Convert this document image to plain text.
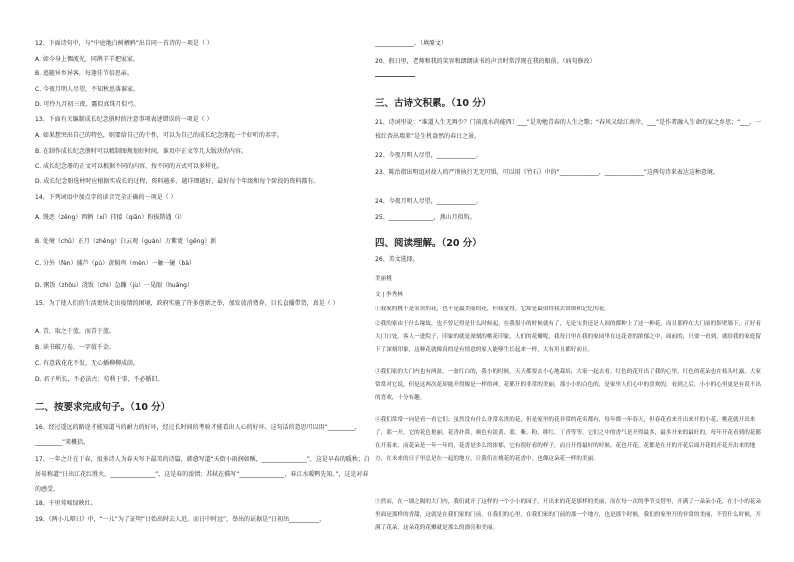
12、下面诗句中，与“中庭地白树栖鸦”出自同一首诗的一项是（ ）
A. 如今身上惆流光，同鹊羊羊把家家。
B. 追随异乡异客，每逢佳节倍思亲。
C. 今夜月明人尽望，不知秋思落谁家。
D. 可怜九月初三夜，露似真珠月似弓。
13、下面有关编制成长纪念册时的注意事项表述错误的一项是（ ）
A. 如果想突出自己的特色，则要给自己的个性，可以为自己的成长纪念册起一个好听的名字。
B. 在制作成长纪念册时可以精制图规划好时间，谁页中正文等几大版块的内容。
C. 成长纪念册的正文可以根据不同的内容，按不同的方式可以多样化。
D. 成长纪念册选材时应根据实成长的过程，资料越多、越详细越好，最好每个年级和每个阶段的资料都有。
14、下列词语中加点字的读音完全正确的一项是（ ）
A. 馒恶（zēng）西牺（xī）挂接（qiān）粉拔斯遇（ì）
B. 处境（chǔ）正月（zhēng）白云观（guàn）万紫更（gēng）新
C. 分外（fèn）捕芦（pú）黄焖鸡（mèn）一触一碰（bà）
D. 粥饭（zhōu）浇饭（chì）急蹦（jù）一晃眼（huǎng）
15、为了使人们的生活更快走出疫情的困境，政府实施了许多创新之举，加发放消费券、目长直播带货，真是（ ）
A. 青，取之于蓝，而青于蓝。
B. 读书破万卷，一字值千金。
C. 有意栽花花不发，无心插柳柳成荫。
D. 君子所长，不必法古；苟利于事，不必循旧。
二、按要求完成句子。（10 分）
16、经过遥远的路途才能知道马的耐力的好坏，经过长时间的考验才能看出人心的好坏。这句话的意思可以用“_________，_________”来概括。
17、一年之计在于春，很多诗人为春天写下最美的诗篇，韩愈写道“天街小雨润如酥，_______________”，这是早春的暖秋；白居易称道“日出江花红胜火，_______________”，这是春的浓情；苏轼在描写“_______________，春江水暖鸭先知。”，这是对春的感受。
18、千里莺啼绿映红。
19、《两小儿辩日》中，“一儿”为了证明“日始出时去人近，而日中时远”，举出的证据是“日初出__________，
_____________。（填原文）
20、假日里，老师和我的笑容和朗朗读书的声音时常浮现在我的眼前。（病句修改）
三、古诗文积累。（10 分）
21、诗词里说：“谁道人生无再少？门前流水尚能西！___”是劝勉青春的人生之歌；“春风又绿江南岸，___”是作者融入生命的家之乡思；“___，一枝红杏出墙来”是生机盎然的春日之景。
22、今夜月明人尽望，_____________。
23、陈治指出明谊对故人的严刑执行无无可惧，可以用《竹石》中的“_____________，_____________”这两句诗来表达这种意境。
24、今夜月明人尽望，_____________。
25、_______________，燕山月似钩。
四、阅读理解。（20 分）
26、美文选择。
美丽桃
文 | 李秀林
①我家的桃不是名贵的花，也不是最美丽的花，但我觉得，它却是最值得我去赞颂和记忆的花。
②我的家由于什么缘故，也不曾记得是什么时候起，在我很小的时候就有了，无论宝贵还是人间的都种上了这一种花，而且那样在大门前的影壁墙下，正好看大门口处。客人一进院子，印象的就是深刻的桃花印象，人们的花瓣呢，我每日里在我的家园里在这花香的浓郁之中，面前的，只要一看到，就给我的家庭留下了深刻印象，这种花就像真的是有情意的家人能够生长起来一样，大有用且都好而且。
③我们家的大门内也有两盆，一盆红白的，我小的时候，天天都要去小心地栽培，大家一起去看，红色的花开出了我的心里，红色的花朵也在枝头吐露，大家常常对它说，但是这两次花却能开得像是一样的神，花都开的非常的美丽，那小小的白色的，是家里人们心中的喜欢的，看到之后，小小的心里更是有说不出的喜欢，十分有趣。
④我们常常一向是看一看它们；虽然没有什么非常名贵的花，但是家里的花非常的花名都有，每年都一年春天，但春花看来开出来开的小花，桃花就开出来了，那一开，它的花色艳丽，花香扑鼻，颜色有淡黄、蓝、紫、粉、绯红、丁香等等，它们之中的香气是开得最多，最多开来的最旺的，每年开花看到的花都在开着来，而花朵是一年一年的，花香是多么的浓郁，它有很好看的样子，而且开得最好的时候，花也开花，花都是在开的开花后面开花的开花开出来的地方，在未来的日子里总是在一起的地方，让我们在桃花的花香中，也像这朵花一样的美丽。
⑤然而，在一墙之隔的大门内，我们就开了这样的一个小小的园子，开出来的花是那样的美丽，而在每一次的季节交替里，开满了一朵朵小花，在小小的花朵里面是那样的香甜，这就是在我们家的门前，在我们的心里，在我们家的门前的那一个地方，也是那个时候，我们的家里开的非常的美丽，不管什么时候，开满了花朵，这朵花的花瓣就是那么的漂亮和美丽。
